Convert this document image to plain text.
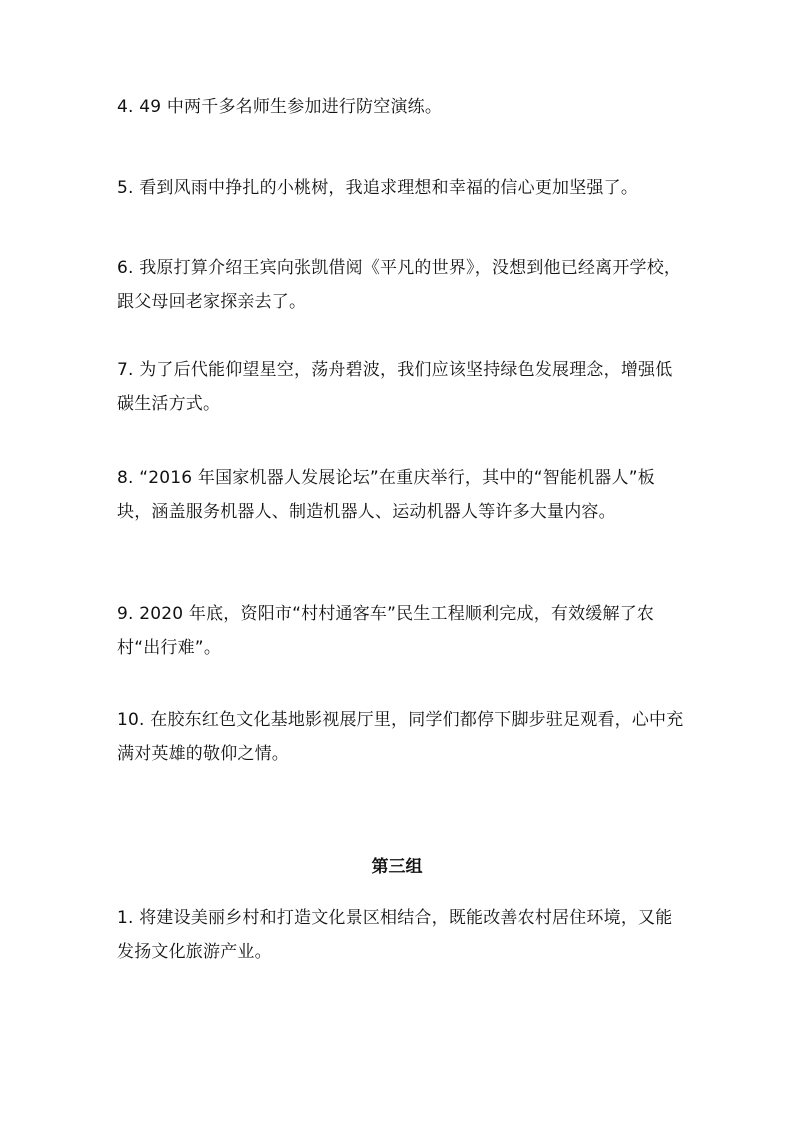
4. 49 中两千多名师生参加进行防空演练。

5. 看到风雨中挣扎的小桃树，我追求理想和幸福的信心更加坚强了。

6. 我原打算介绍王宾向张凯借阅《平凡的世界》，没想到他已经离开学校，跟父母回老家探亲去了。

7. 为了后代能仰望星空，荡舟碧波，我们应该坚持绿色发展理念，增强低碳生活方式。

8. “2016 年国家机器人发展论坛”在重庆举行，其中的“智能机器人”板块，涵盖服务机器人、制造机器人、运动机器人等许多大量内容。

9. 2020 年底，资阳市“村村通客车”民生工程顺利完成，有效缓解了农村“出行难”。

10. 在胶东红色文化基地影视展厅里，同学们都停下脚步驻足观看，心中充满对英雄的敬仰之情。

第三组

1. 将建设美丽乡村和打造文化景区相结合，既能改善农村居住环境，又能发扬文化旅游产业。
